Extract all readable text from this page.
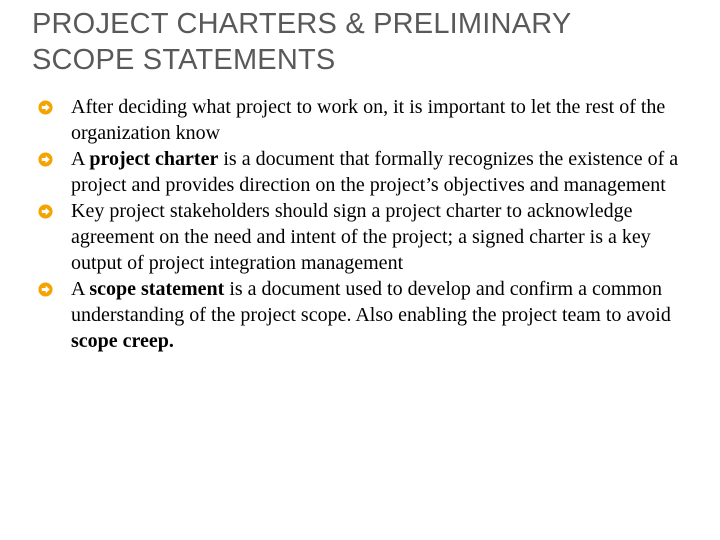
PROJECT CHARTERS & PRELIMINARY
SCOPE STATEMENTS
After deciding what project to work on, it is important to let the rest of the organization know
A project charter is a document that formally recognizes the existence of a project and provides direction on the project’s objectives and management
Key project stakeholders should sign a project charter to acknowledge agreement on the need and intent of the project; a signed charter is a key output of project integration management
A scope statement is a document used to develop and confirm a common understanding of the project scope. Also enabling the project team to avoid scope creep.
